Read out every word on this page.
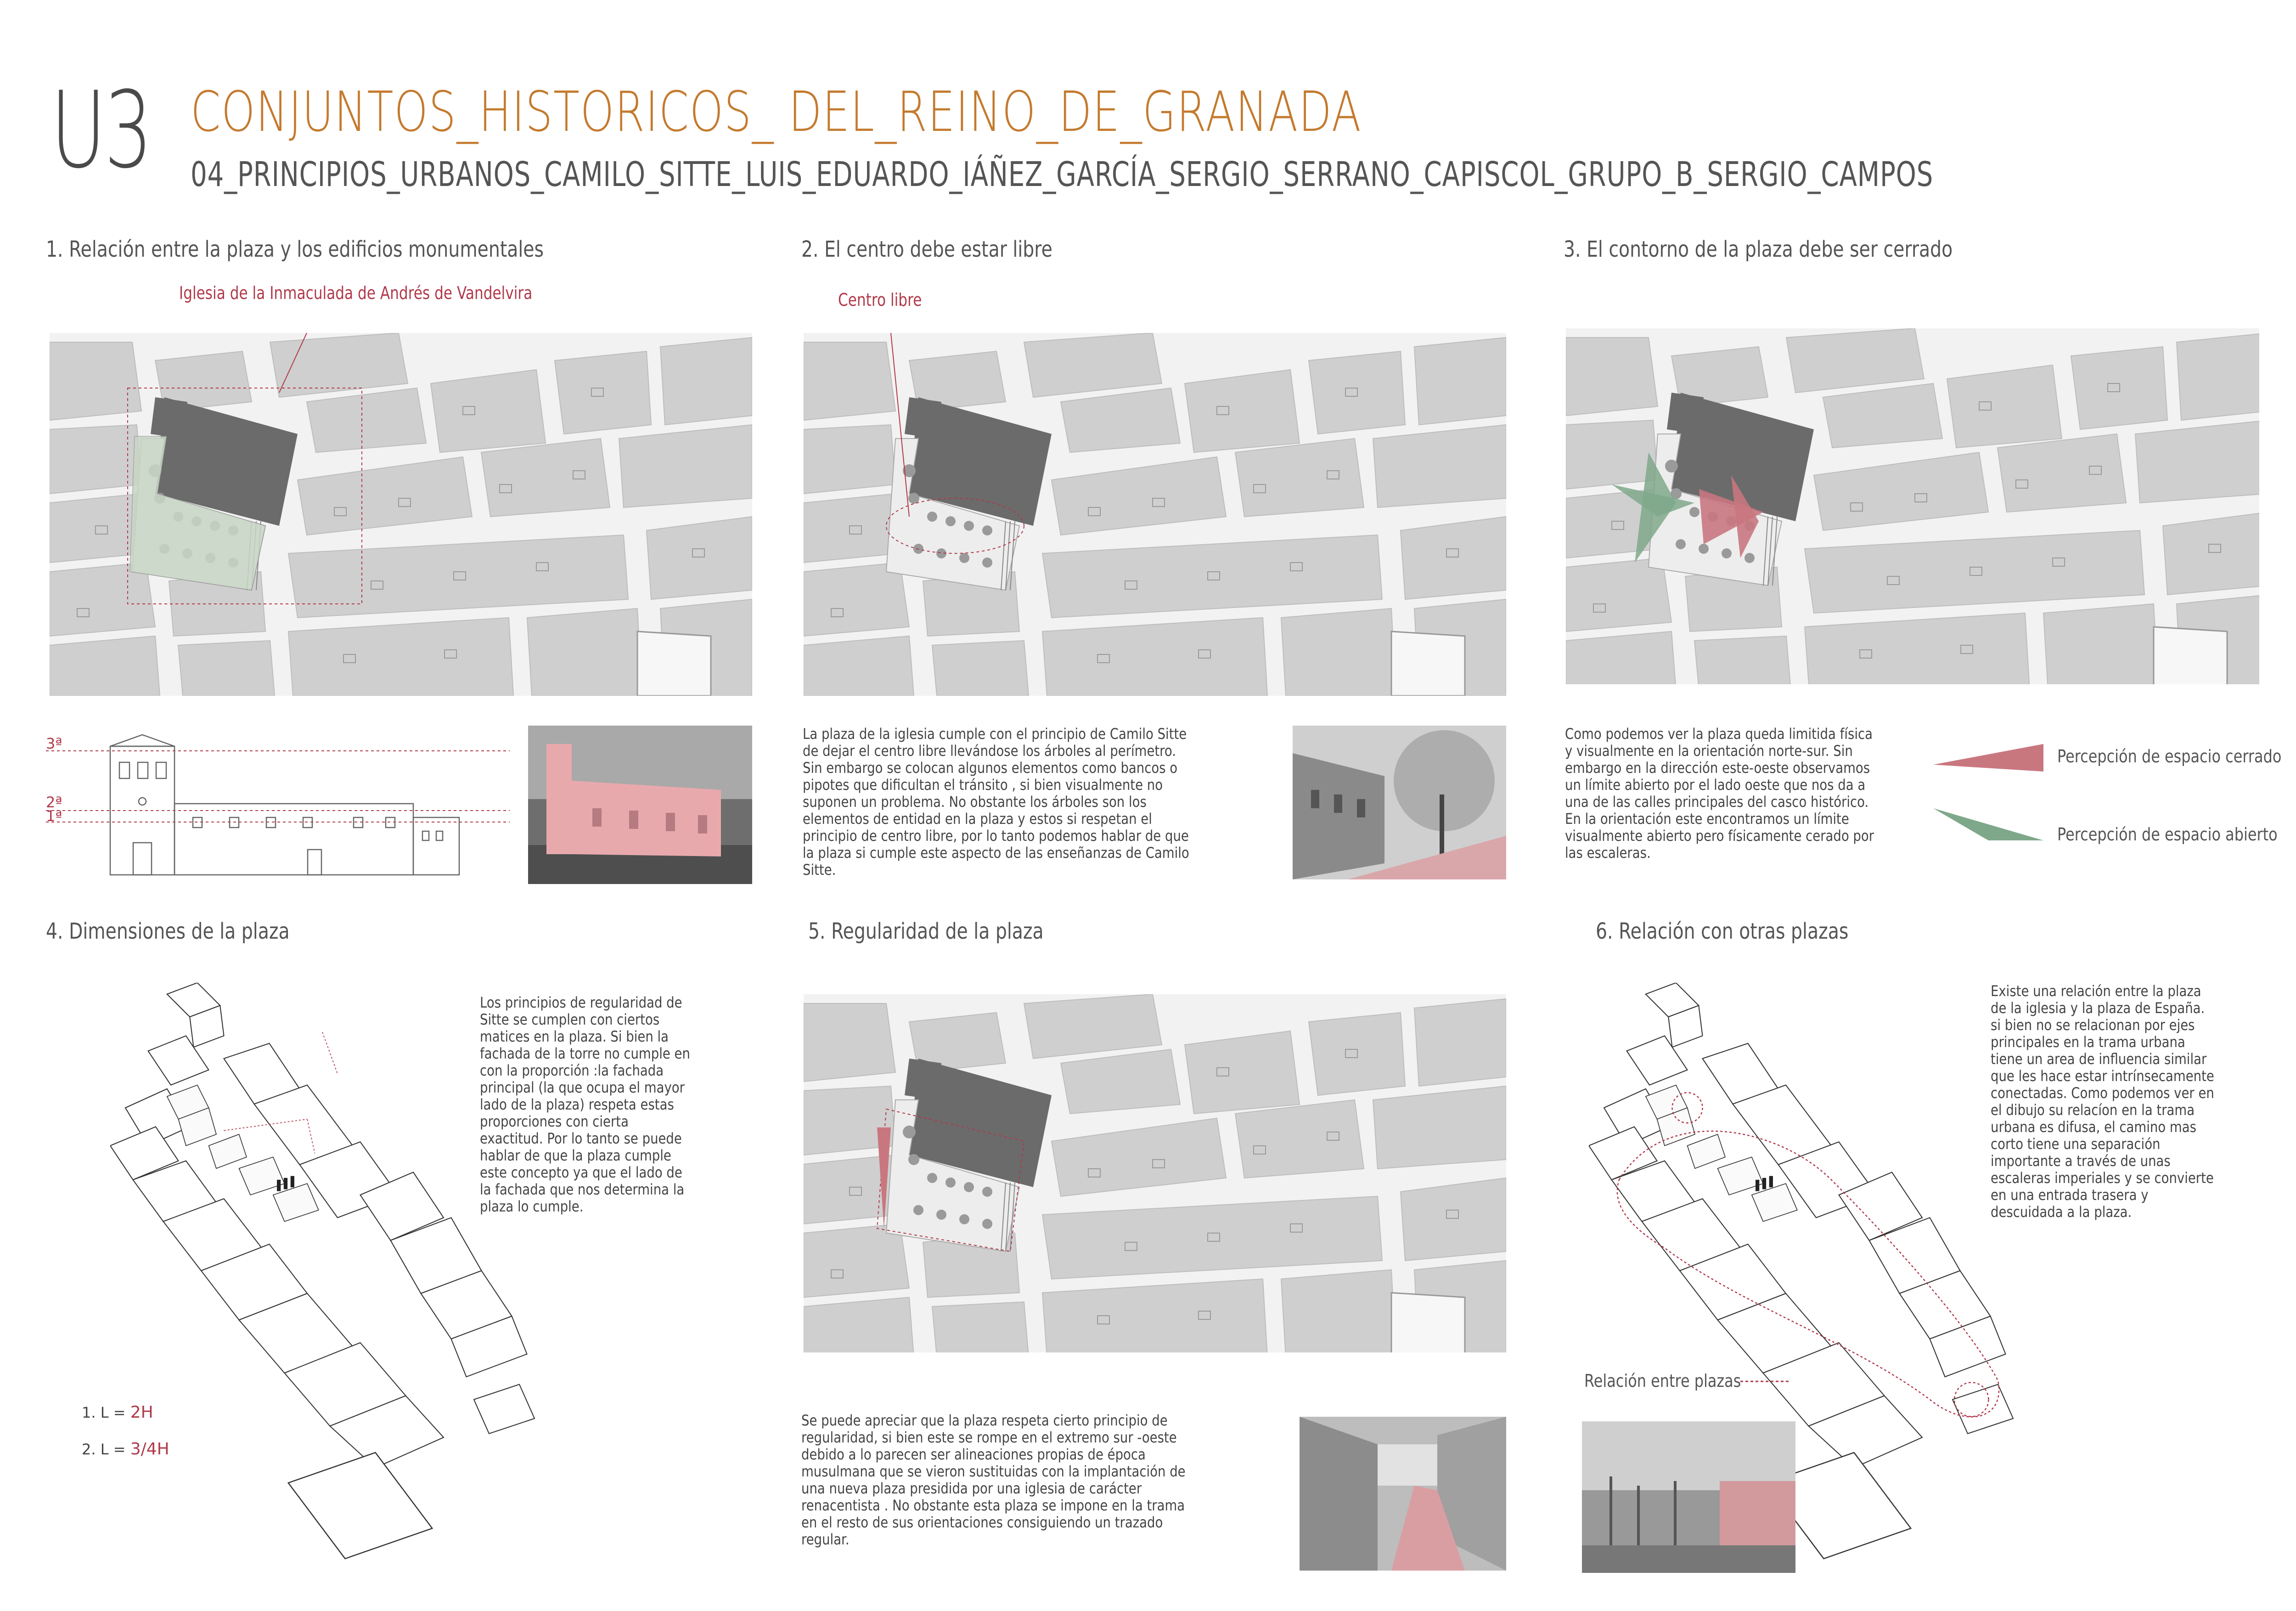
U3 CONJUNTOS_HISTORICOS_ DEL_REINO_DE_GRANADA
04_PRINCIPIOS_URBANOS_CAMILO_SITTE_LUIS_EDUARDO_IÁÑEZ_GARCÍA_SERGIO_SERRANO_CAPISCOL_GRUPO_B_SERGIO_CAMPOS
1. Relación entre la plaza y los edificios monumentales
Iglesia de la Inmaculada de Andrés de Vandelvira
3ª
2ª
1ª
2. El centro debe estar libre
Centro libre
La plaza de la iglesia cumple con el principio de Camilo Sitte de dejar el centro libre llevándose los árboles al perímetro. Sin embargo se colocan algunos elementos como bancos o pipotes que dificultan el tránsito , si bien visualmente no suponen un problema. No obstante los árboles son los elementos de entidad en la plaza y estos si respetan el principio de centro libre, por lo tanto podemos hablar de que la plaza si cumple este aspecto de las enseñanzas de Camilo Sitte.
3. El contorno de la plaza debe ser cerrado
Como podemos ver la plaza queda limitida física y visualmente en la orientación norte-sur. Sin embargo en la dirección este-oeste observamos un límite abierto por el lado oeste que nos da a una de las calles principales del casco histórico. En la orientación este encontramos un límite visualmente abierto pero físicamente cerado por las escaleras.
Percepción de espacio cerrado
Percepción de espacio abierto
4. Dimensiones de la plaza
Los principios de regularidad de Sitte se cumplen con ciertos matices en la plaza. Si bien la fachada de la torre no cumple en con la proporción :la fachada principal (la que ocupa el mayor lado de la plaza) respeta estas proporciones con cierta exactitud. Por lo tanto se puede hablar de que la plaza cumple este concepto ya que el lado de la fachada que nos determina la plaza lo cumple.
1. L = 2H
2. L = 3/4H
5. Regularidad de la plaza
Se puede apreciar que la plaza respeta cierto principio de regularidad, si bien este se rompe en el extremo sur -oeste debido a lo parecen ser alineaciones propias de época musulmana que se vieron sustituidas con la implantación de una nueva plaza presidida por una iglesia de carácter renacentista . No obstante esta plaza se impone en la trama en el resto de sus orientaciones consiguiendo un trazado regular.
6. Relación con otras plazas
Existe una relación entre la plaza de la iglesia y la plaza de España. si bien no se relacionan por ejes principales en la trama urbana tiene un area de influencia similar que les hace estar intrínsecamente conectadas. Como podemos ver en el dibujo su relacíon en la trama urbana es difusa, el camino mas corto tiene una separación importante a través de unas escaleras imperiales y se convierte en una entrada trasera y descuidada a la plaza.
Relación entre plazas
